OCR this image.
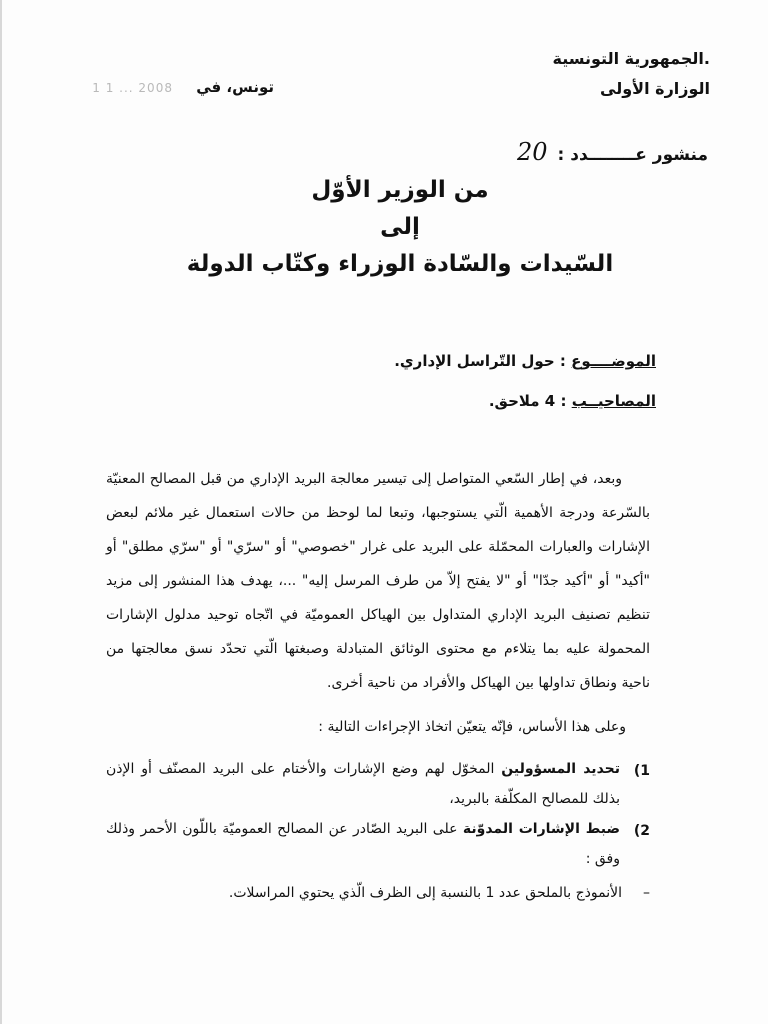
.الجمهورية التونسية
الوزارة الأولى
تونس، في 2008 ... 1 1
منشور عــــــــدد : 20
من الوزير الأوّل
إلى
السّيدات والسّادة الوزراء وكتّاب الدولة
الموضــــوع : حول التّراسل الإداري.
المصاحيــب : 4 ملاحق.

وبعد، في إطار السّعي المتواصل إلى تيسير معالجة البريد الإداري من قبل المصالح المعنيّة بالسّرعة ودرجة الأهمية الّتي يستوجبها، وتبعا لما لوحظ من حالات استعمال غير ملائم لبعض الإشارات والعبارات المحمّلة على البريد على غرار "خصوصي" أو "سرّي" أو "سرّي مطلق" أو "أكيد" أو "أكيد جدّا" أو "لا يفتح إلاّ من طرف المرسل إليه" ...، يهدف هذا المنشور إلى مزيد تنظيم تصنيف البريد الإداري المتداول بين الهياكل العموميّة في اتّجاه توحيد مدلول الإشارات المحمولة عليه بما يتلاءم مع محتوى الوثائق المتبادلة وصبغتها الّتي تحدّد نسق معالجتها من ناحية ونطاق تداولها بين الهياكل والأفراد من ناحية أخرى.

وعلى هذا الأساس، فإنّه يتعيّن اتخاذ الإجراءات التالية :

1)
تحديد المسؤولين المخوّل لهم وضع الإشارات والأختام على البريد المصنّف أو الإذن بذلك للمصالح المكلّفة بالبريد،
2)
ضبط الإشارات المدوّنة على البريد الصّادر عن المصالح العموميّة باللّون الأحمر وذلك وفق :
–
الأنموذج بالملحق عدد 1 بالنسبة إلى الظرف الّذي يحتوي المراسلات.
